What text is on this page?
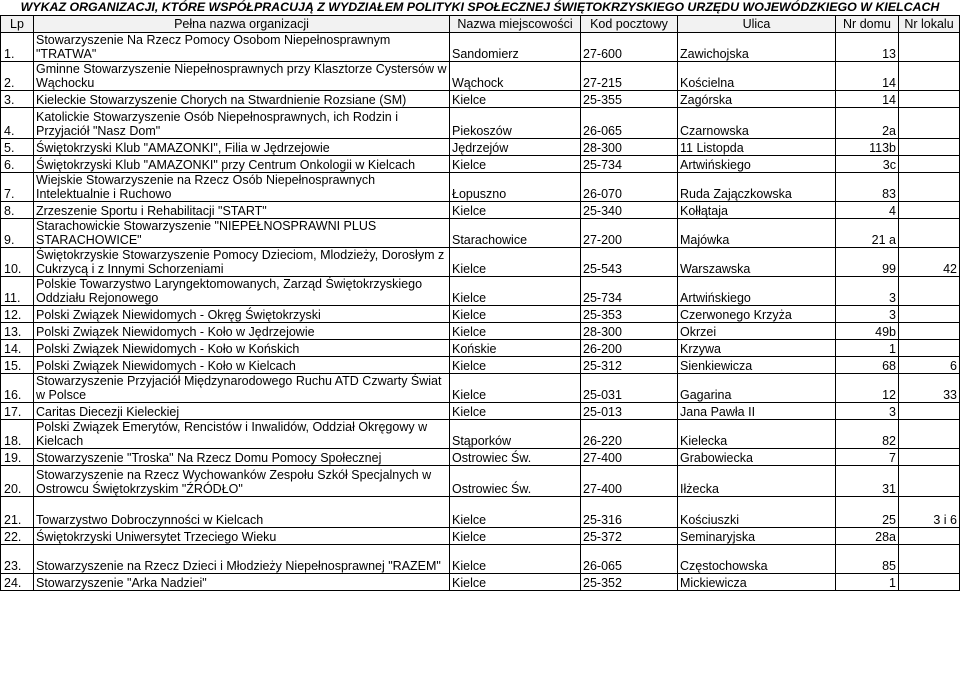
WYKAZ ORGANIZACJI, KTÓRE WSPÓŁPRACUJĄ Z WYDZIAŁEM POLITYKI SPOŁECZNEJ ŚWIĘTOKRZYSKIEGO URZĘDU WOJEWÓDZKIEGO W KIELCACH
Lp	Pełna nazwa organizacji	Nazwa miejscowości	Kod pocztowy	Ulica	Nr domu	Nr lokalu
1.	Stowarzyszenie Na Rzecz Pomocy Osobom Niepełnosprawnym "TRATWA"	Sandomierz	27-600	Zawichojska	13	
2.	Gminne Stowarzyszenie Niepełnosprawnych przy Klasztorze Cystersów w Wąchocku	Wąchock	27-215	Kościelna	14	
3.	Kieleckie Stowarzyszenie Chorych na Stwardnienie Rozsiane (SM)	Kielce	25-355	Zagórska	14	
4.	Katolickie Stowarzyszenie Osób Niepełnosprawnych, ich Rodzin i Przyjaciół "Nasz Dom"	Piekoszów	26-065	Czarnowska	2a	
5.	Świętokrzyski Klub "AMAZONKI", Filia w Jędrzejowie	Jędrzejów	28-300	11 Listopda	113b	
6.	Świętokrzyski Klub "AMAZONKI" przy Centrum Onkologii w Kielcach	Kielce	25-734	Artwińskiego	3c	
7.	Wiejskie Stowarzyszenie na Rzecz Osób Niepełnosprawnych Intelektualnie i Ruchowo	Łopuszno	26-070	Ruda Zajączkowska	83	
8.	Zrzeszenie Sportu i Rehabilitacji "START"	Kielce	25-340	Kołłątaja	4	
9.	Starachowickie Stowarzyszenie "NIEPEŁNOSPRAWNI PLUS STARACHOWICE"	Starachowice	27-200	Majówka	21 a	
10.	Świętokrzyskie Stowarzyszenie Pomocy Dzieciom, Mlodzieży, Dorosłym z Cukrzycą i z Innymi Schorzeniami	Kielce	25-543	Warszawska	99	42
11.	Polskie Towarzystwo Laryngektomowanych, Zarząd Świętokrzyskiego Oddziału Rejonowego	Kielce	25-734	Artwińskiego	3	
12.	Polski Związek Niewidomych - Okręg Świętokrzyski	Kielce	25-353	Czerwonego Krzyża	3	
13.	Polski Związek Niewidomych - Koło w Jędrzejowie	Kielce	28-300	Okrzei	49b	
14.	Polski Związek Niewidomych - Koło w Końskich	Końskie	26-200	Krzywa	1	
15.	Polski Związek Niewidomych - Koło w Kielcach	Kielce	25-312	Sienkiewicza	68	6
16.	Stowarzyszenie Przyjaciół Międzynarodowego Ruchu ATD Czwarty Świat w Polsce	Kielce	25-031	Gagarina	12	33
17.	Caritas Diecezji Kieleckiej	Kielce	25-013	Jana Pawła II	3	
18.	Polski Związek Emerytów, Rencistów i Inwalidów, Oddział Okręgowy w Kielcach	Stąporków	26-220	Kielecka	82	
19.	Stowarzyszenie "Troska" Na Rzecz Domu Pomocy Społecznej	Ostrowiec Św.	27-400	Grabowiecka	7	
20.	Stowarzyszenie na Rzecz Wychowanków Zespołu Szkół Specjalnych w Ostrowcu Świętokrzyskim "ŹRÓDŁO"	Ostrowiec Św.	27-400	Iłżecka	31	
21.	Towarzystwo Dobroczynności w Kielcach	Kielce	25-316	Kościuszki	25	3 i 6
22.	Świętokrzyski Uniwersytet Trzeciego Wieku	Kielce	25-372	Seminaryjska	28a	
23.	Stowarzyszenie na Rzecz Dzieci i Młodzieży Niepełnosprawnej "RAZEM"	Kielce	26-065	Częstochowska	85	
24.	Stowarzyszenie "Arka Nadziei"	Kielce	25-352	Mickiewicza	1	
